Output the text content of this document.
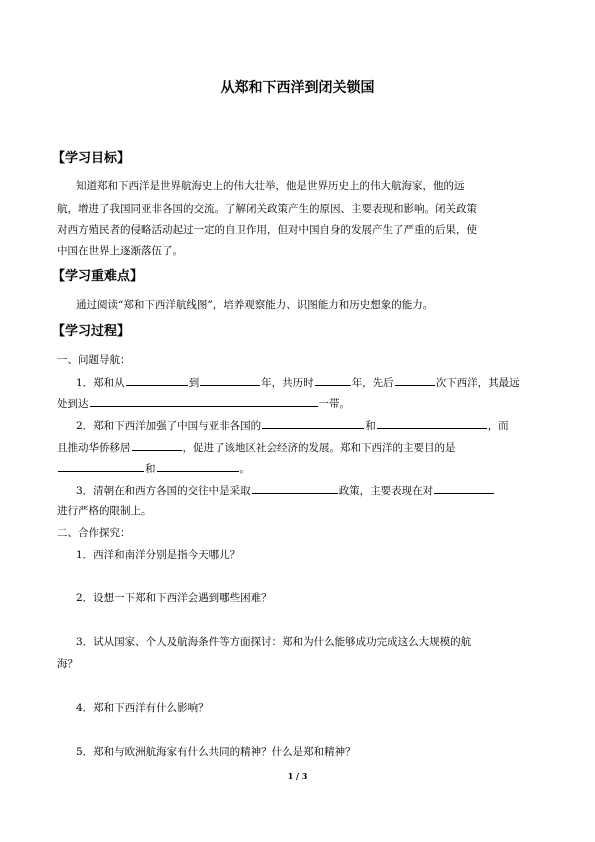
从郑和下西洋到闭关锁国
【学习目标】
知道郑和下西洋是世界航海史上的伟大壮举，他是世界历史上的伟大航海家，他的远
航，增进了我国同亚非各国的交流。了解闭关政策产生的原因、主要表现和影响。闭关政策
对西方殖民者的侵略活动起过一定的自卫作用，但对中国自身的发展产生了严重的后果，使
中国在世界上逐渐落伍了。
【学习重难点】
通过阅读“郑和下西洋航线图”，培养观察能力、识图能力和历史想象的能力。
【学习过程】
一、问题导航：
1．郑和从	到	年，共历时	年，先后	次下西洋，其最远
处到达	一带。
2．郑和下西洋加强了中国与亚非各国的	和	，而
且推动华侨移居	，促进了该地区社会经济的发展。郑和下西洋的主要目的是
和	。
3．清朝在和西方各国的交往中是采取	政策，主要表现在对
进行严格的限制上。
二、合作探究：
1．西洋和南洋分别是指今天哪儿？
2．设想一下郑和下西洋会遇到哪些困难？
3．试从国家、个人及航海条件等方面探讨：郑和为什么能够成功完成这么大规模的航
海？
4．郑和下西洋有什么影响？
5．郑和与欧洲航海家有什么共同的精神？什么是郑和精神？
1 / 3
